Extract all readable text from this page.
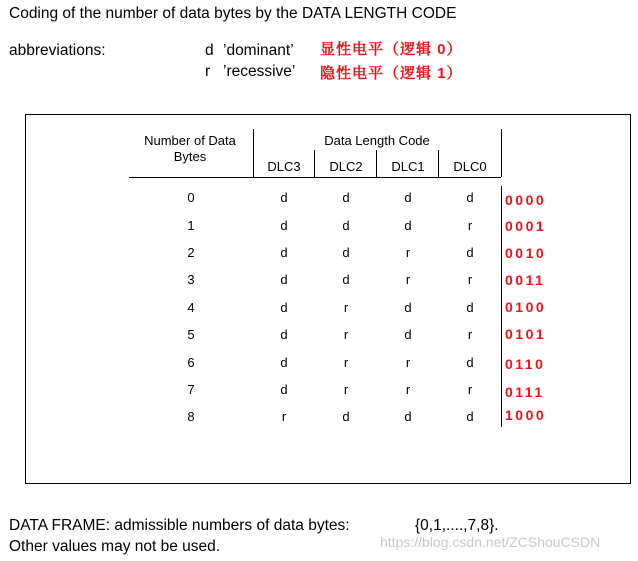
Coding of the number of data bytes by the DATA LENGTH CODE
abbreviations:	d ’dominant’ 显性电平（逻辑 0）
r ’recessive’ 隐性电平（逻辑 1）
Number of Data
Bytes
Data Length Code
DLC3	DLC2	DLC1	DLC0
0	d	d	d	d	0000
1	d	d	d	r	0001
2	d	d	r	d	0010
3	d	d	r	r	0011
4	d	r	d	d	0100
5	d	r	d	r	0101
6	d	r	r	d	0110
7	d	r	r	r	0111
8	r	d	d	d	1000
DATA FRAME: admissible numbers of data bytes:	{0,1,....,7,8}.
Other values may not be used.	https://blog.csdn.net/ZCShouCSDN
